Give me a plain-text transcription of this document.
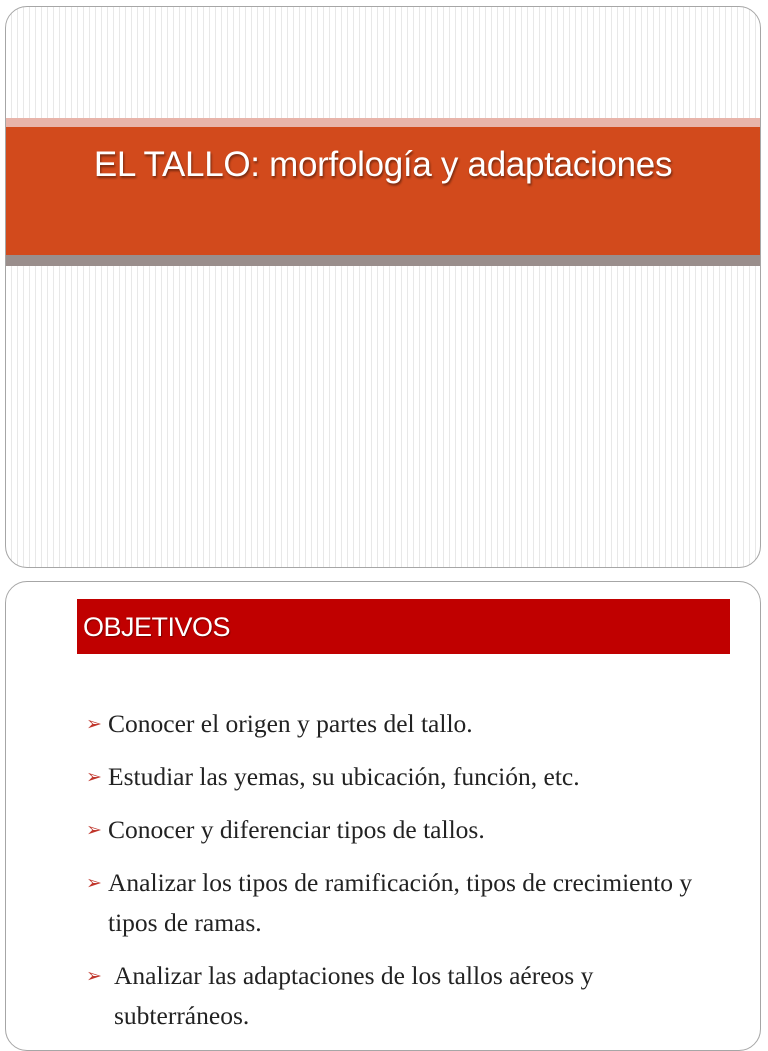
EL TALLO: morfología y adaptaciones
OBJETIVOS
➢ Conocer el origen y partes del tallo.
➢ Estudiar las yemas, su ubicación, función, etc.
➢ Conocer y diferenciar tipos de tallos.
➢ Analizar los tipos de ramificación, tipos de crecimiento y tipos de ramas.
➢ Analizar las adaptaciones de los tallos aéreos y subterráneos.
